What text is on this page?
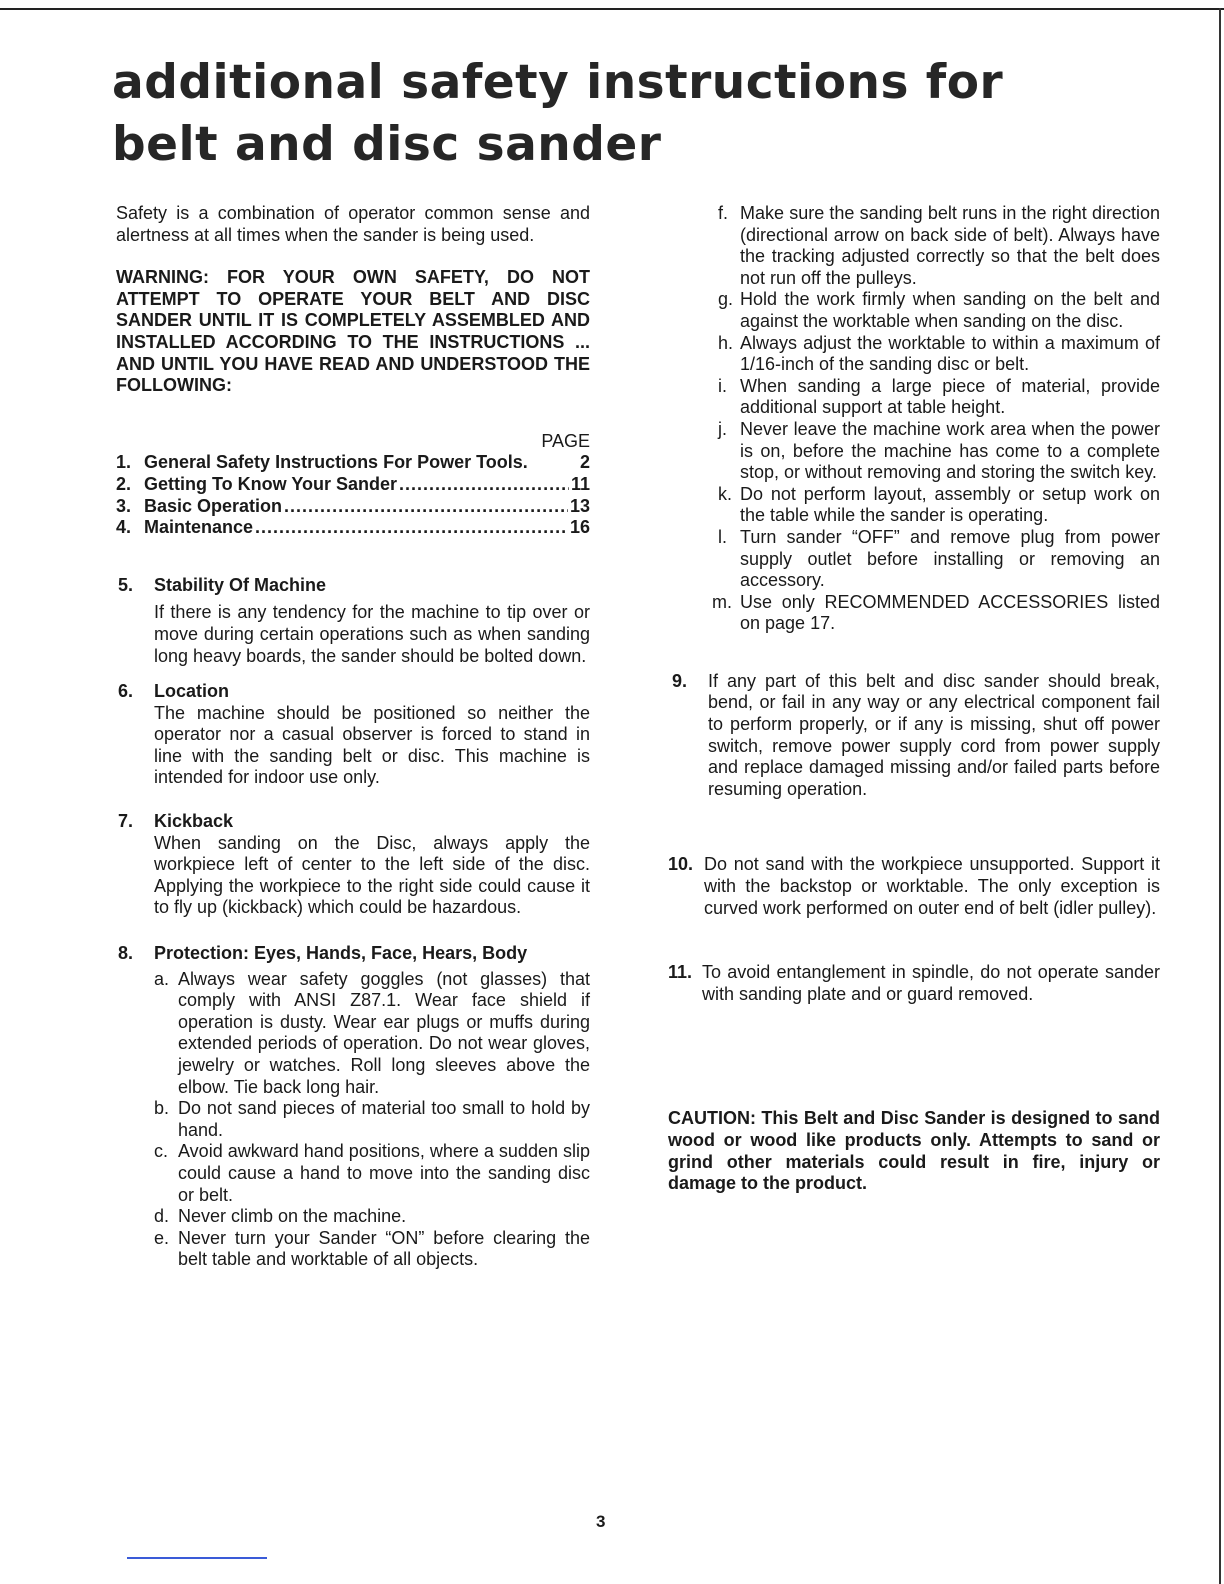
additional safety instructions for belt and disc sander

Safety is a combination of operator common sense and alertness at all times when the sander is being used.

WARNING: FOR YOUR OWN SAFETY, DO NOT ATTEMPT TO OPERATE YOUR BELT AND DISC SANDER UNTIL IT IS COMPLETELY ASSEMBLED AND INSTALLED ACCORDING TO THE INSTRUCTIONS ... AND UNTIL YOU HAVE READ AND UNDERSTOOD THE FOLLOWING:

PAGE
1. General Safety Instructions For Power Tools.	2
2. Getting To Know Your Sander . . .	11
3. Basic Operation . . .	13
4. Maintenance . . .	16
5.	Stability Of Machine

If there is any tendency for the machine to tip over or move during certain operations such as when sanding long heavy boards, the sander should be bolted down.

6.	Location

The machine should be positioned so neither the operator nor a casual observer is forced to stand in line with the sanding belt or disc. This machine is intended for indoor use only.

7.	Kickback

When sanding on the Disc, always apply the workpiece left of center to the left side of the disc. Applying the workpiece to the right side could cause it to fly up (kickback) which could be hazardous.

8.	Protection: Eyes, Hands, Face, Hears, Body
a. Always wear safety goggles (not glasses) that comply with ANSI Z87.1. Wear face shield if operation is dusty. Wear ear plugs or muffs during extended periods of operation. Do not wear gloves, jewelry or watches. Roll long sleeves above the elbow. Tie back long hair.
b. Do not sand pieces of material too small to hold by hand.
c. Avoid awkward hand positions, where a sudden slip could cause a hand to move into the sanding disc or belt.
d. Never climb on the machine.
e. Never turn your Sander “ON” before clearing the belt table and worktable of all objects.
f. Make sure the sanding belt runs in the right direction (directional arrow on back side of belt). Always have the tracking adjusted correctly so that the belt does not run off the pulleys.
g. Hold the work firmly when sanding on the belt and against the worktable when sanding on the disc.
h. Always adjust the worktable to within a maximum of 1/16-inch of the sanding disc or belt.
i. When sanding a large piece of material, provide additional support at table height.
j. Never leave the machine work area when the power is on, before the machine has come to a complete stop, or without removing and storing the switch key.
k. Do not perform layout, assembly or setup work on the table while the sander is operating.
l. Turn sander “OFF” and remove plug from power supply outlet before installing or removing an accessory.
m. Use only RECOMMENDED ACCESSORIES listed on page 17.
9.	If any part of this belt and disc sander should break, bend, or fail in any way or any electrical component fail to perform properly, or if any is missing, shut off power switch, remove power supply cord from power supply and replace damaged missing and/or failed parts before resuming operation.

10. Do not sand with the workpiece unsupported. Support it with the backstop or worktable. The only exception is curved work performed on outer end of belt (idler pulley).

11. To avoid entanglement in spindle, do not operate sander with sanding plate and or guard removed.

CAUTION: This Belt and Disc Sander is designed to sand wood or wood like products only. Attempts to sand or grind other materials could result in fire, injury or damage to the product.

3
